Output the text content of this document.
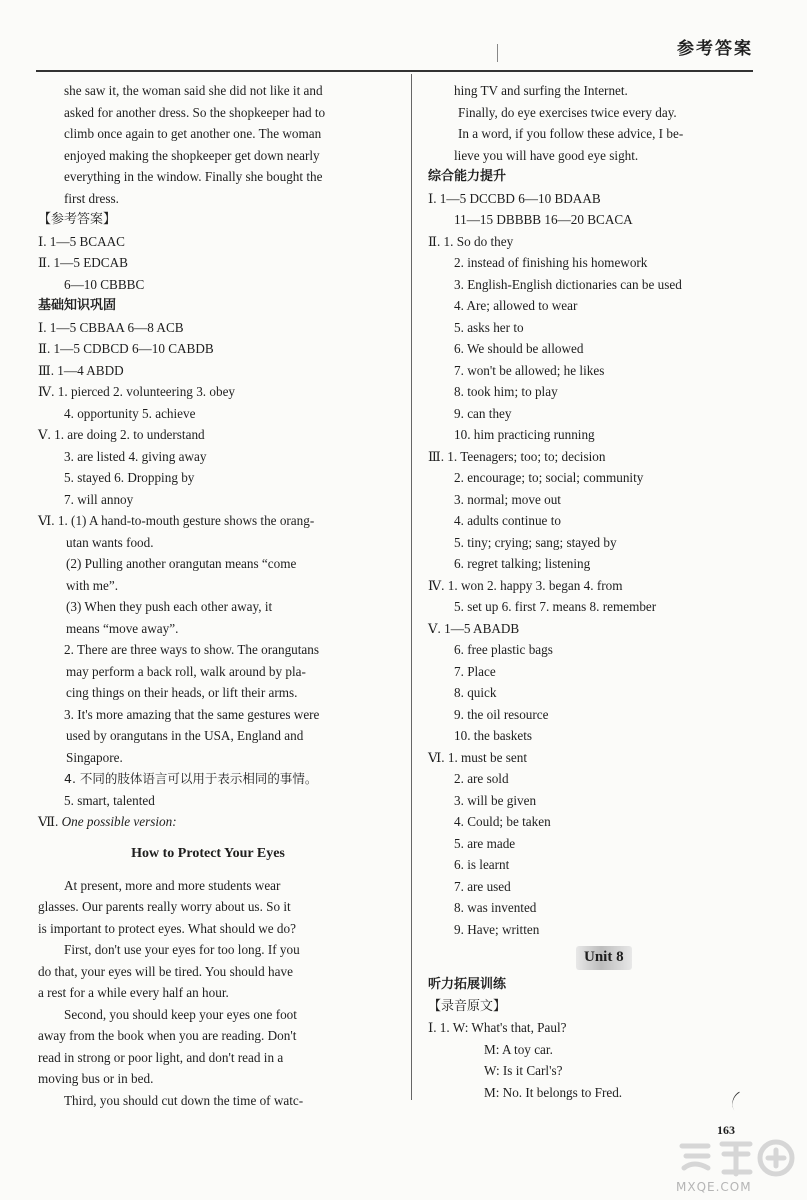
参考答案
she saw it, the woman said she did not like it and
asked for another dress. So the shopkeeper had to
climb once again to get another one. The woman
enjoyed making the shopkeeper get down nearly
everything in the window. Finally she bought the
first dress.
【参考答案】
Ⅰ. 1—5 BCAAC
Ⅱ. 1—5 EDCAB
6—10 CBBBC
基础知识巩固
Ⅰ. 1—5 CBBAA 6—8 ACB
Ⅱ. 1—5 CDBCD 6—10 CABDB
Ⅲ. 1—4 ABDD
Ⅳ. 1. pierced 2. volunteering 3. obey
4. opportunity 5. achieve
Ⅴ. 1. are doing 2. to understand
3. are listed 4. giving away
5. stayed 6. Dropping by
7. will annoy
Ⅵ. 1. (1) A hand-to-mouth gesture shows the orang-
utan wants food.
(2) Pulling another orangutan means “come
with me”.
(3) When they push each other away, it
means “move away”.
2. There are three ways to show. The orangutans
may perform a back roll, walk around by pla-
cing things on their heads, or lift their arms.
3. It's more amazing that the same gestures were
used by orangutans in the USA, England and
Singapore.
4. 不同的肢体语言可以用于表示相同的事情。
5. smart, talented
Ⅶ. One possible version:
How to Protect Your Eyes
At present, more and more students wear
glasses. Our parents really worry about us. So it
is important to protect eyes. What should we do?
First, don't use your eyes for too long. If you
do that, your eyes will be tired. You should have
a rest for a while every half an hour.
Second, you should keep your eyes one foot
away from the book when you are reading. Don't
read in strong or poor light, and don't read in a
moving bus or in bed.
Third, you should cut down the time of watc-
hing TV and surfing the Internet.
Finally, do eye exercises twice every day.
In a word, if you follow these advice, I be-
lieve you will have good eye sight.
综合能力提升
Ⅰ. 1—5 DCCBD 6—10 BDAAB
11—15 DBBBB 16—20 BCACA
Ⅱ. 1. So do they
2. instead of finishing his homework
3. English-English dictionaries can be used
4. Are; allowed to wear
5. asks her to
6. We should be allowed
7. won't be allowed; he likes
8. took him; to play
9. can they
10. him practicing running
Ⅲ. 1. Teenagers; too; to; decision
2. encourage; to; social; community
3. normal; move out
4. adults continue to
5. tiny; crying; sang; stayed by
6. regret talking; listening
Ⅳ. 1. won 2. happy 3. began 4. from
5. set up 6. first 7. means 8. remember
Ⅴ. 1—5 ABADB
6. free plastic bags
7. Place
8. quick
9. the oil resource
10. the baskets
Ⅵ. 1. must be sent
2. are sold
3. will be given
4. Could; be taken
5. are made
6. is learnt
7. are used
8. was invented
9. Have; written
Unit 8
听力拓展训练
【录音原文】
Ⅰ. 1. W: What's that, Paul?
M: A toy car.
W: Is it Carl's?
M: No. It belongs to Fred.
163
MXQE.COM
